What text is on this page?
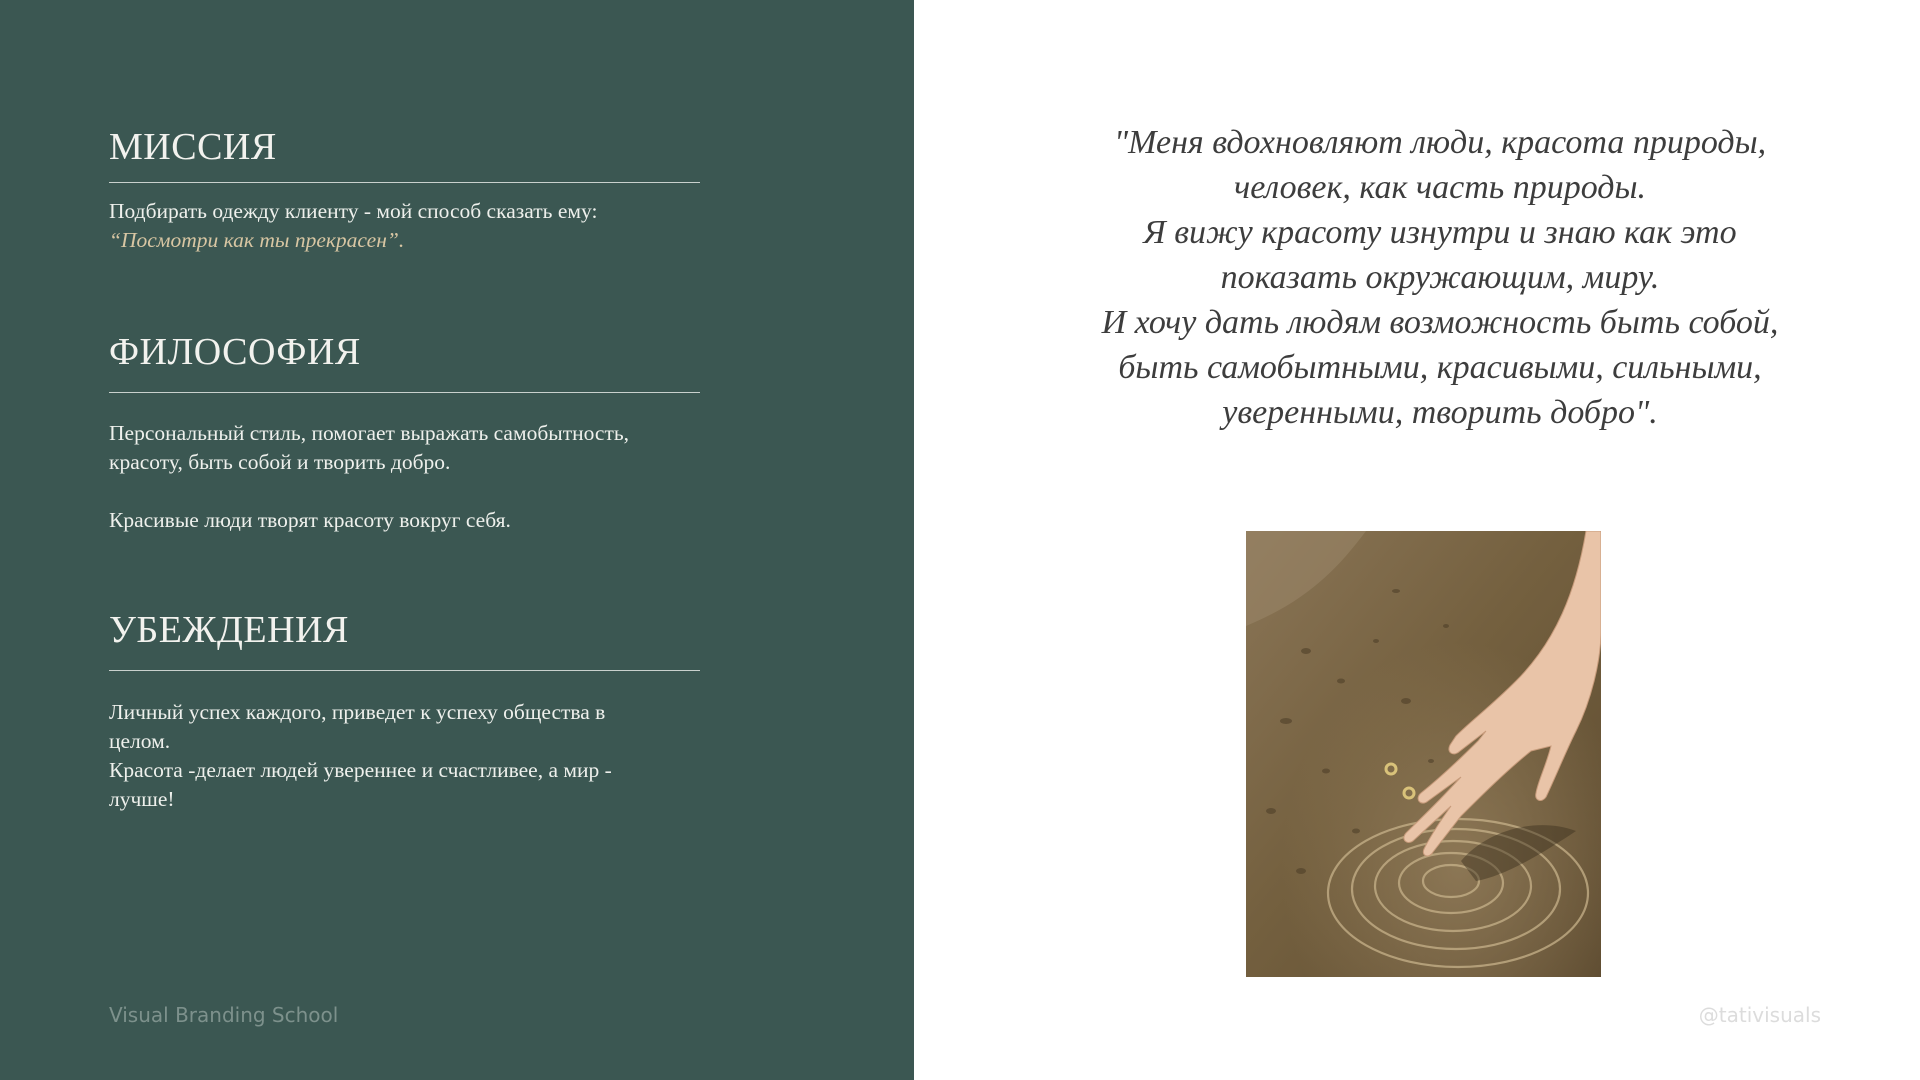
МИССИЯ

Подбирать одежду клиенту - мой способ сказать ему:

“Посмотри как ты прекрасен”.

ФИЛОСОФИЯ

Персональный стиль, помогает выражать самобытность,

красоту, быть собой и творить добро.

Красивые люди творят красоту вокруг себя.

УБЕЖДЕНИЯ

Личный успех каждого, приведет к успеху общества в

целом.

Красота -делает людей увереннее и счастливее, а мир -

лучше!

Visual Branding School
"Меня вдохновляют люди, красота природы,
человек, как часть природы.
Я вижу красоту изнутри и знаю как это
показать окружающим, миру.
И хочу дать людям возможность быть собой,
быть самобытными, красивыми, сильными,
уверенными, творить добро".
@tativisuals
